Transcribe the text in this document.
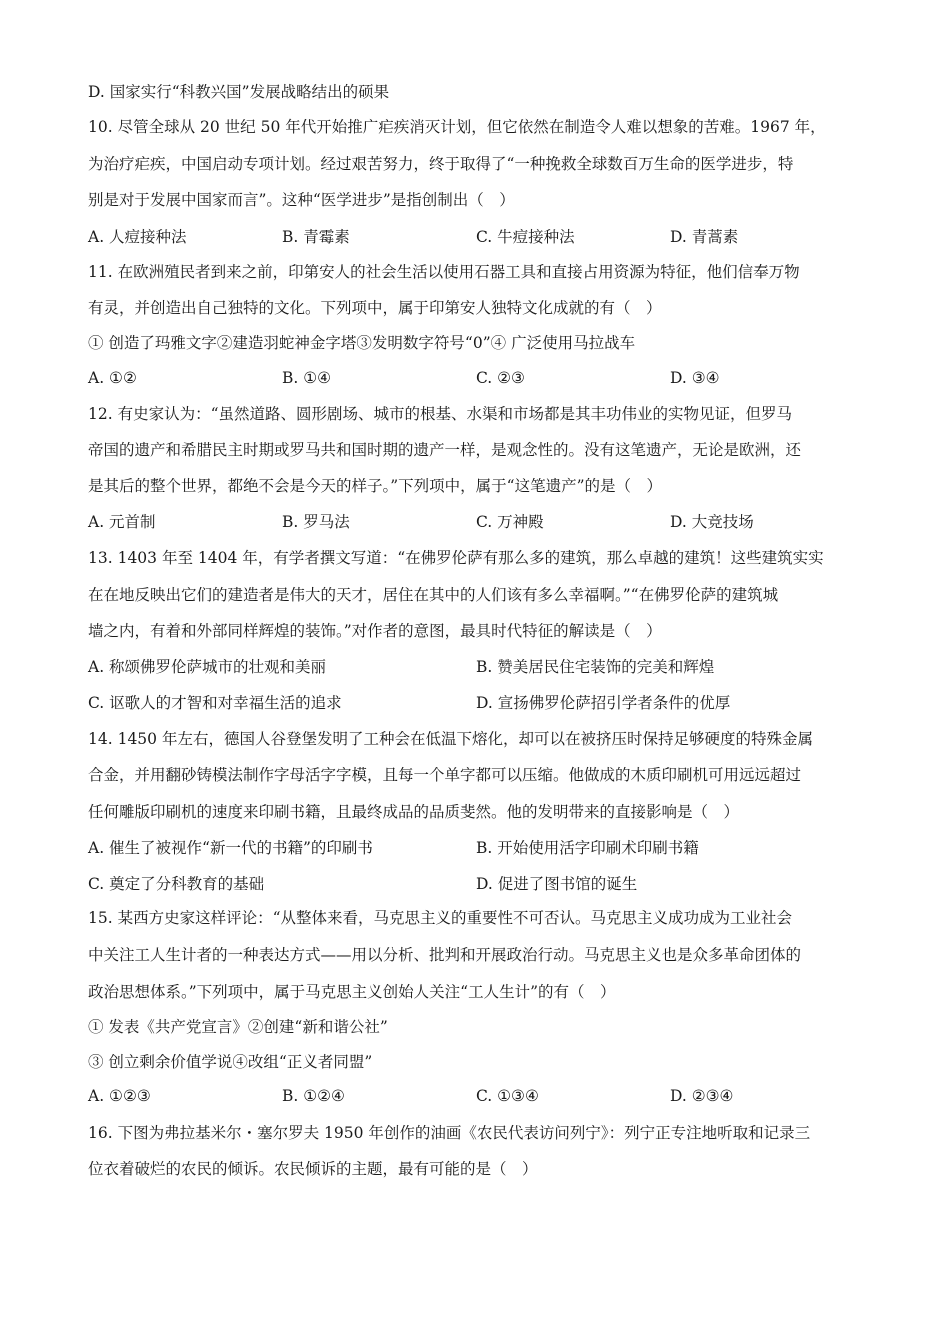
D. 国家实行“科教兴国”发展战略结出的硕果
10. 尽管全球从 20 世纪 50 年代开始推广疟疾消灭计划，但它依然在制造令人难以想象的苦难。1967 年，
为治疗疟疾，中国启动专项计划。经过艰苦努力，终于取得了“一种挽救全球数百万生命的医学进步，特
别是对于发展中国家而言”。这种“医学进步”是指创制出（　）
A. 人痘接种法	B. 青霉素	C. 牛痘接种法	D. 青蒿素
11. 在欧洲殖民者到来之前，印第安人的社会生活以使用石器工具和直接占用资源为特征，他们信奉万物
有灵，并创造出自己独特的文化。下列项中，属于印第安人独特文化成就的有（　）
① 创造了玛雅文字②建造羽蛇神金字塔③发明数字符号“0”④ 广泛使用马拉战车
A. ①②	B. ①④	C. ②③	D. ③④
12. 有史家认为：“虽然道路、圆形剧场、城市的根基、水渠和市场都是其丰功伟业的实物见证，但罗马
帝国的遗产和希腊民主时期或罗马共和国时期的遗产一样，是观念性的。没有这笔遗产，无论是欧洲，还
是其后的整个世界，都绝不会是今天的样子。”下列项中，属于“这笔遗产”的是（　）
A. 元首制	B. 罗马法	C. 万神殿	D. 大竞技场
13. 1403 年至 1404 年，有学者撰文写道：“在佛罗伦萨有那么多的建筑，那么卓越的建筑！这些建筑实实
在在地反映出它们的建造者是伟大的天才，居住在其中的人们该有多么幸福啊。”“在佛罗伦萨的建筑城
墙之内，有着和外部同样辉煌的装饰。”对作者的意图，最具时代特征的解读是（　）
A. 称颂佛罗伦萨城市的壮观和美丽	B. 赞美居民住宅装饰的完美和辉煌
C. 讴歌人的才智和对幸福生活的追求	D. 宣扬佛罗伦萨招引学者条件的优厚
14. 1450 年左右，德国人谷登堡发明了工种会在低温下熔化，却可以在被挤压时保持足够硬度的特殊金属
合金，并用翻砂铸模法制作字母活字字模，且每一个单字都可以压缩。他做成的木质印刷机可用远远超过
任何雕版印刷机的速度来印刷书籍，且最终成品的品质斐然。他的发明带来的直接影响是（　）
A. 催生了被视作“新一代的书籍”的印刷书	B. 开始使用活字印刷术印刷书籍
C. 奠定了分科教育的基础	D. 促进了图书馆的诞生
15. 某西方史家这样评论：“从整体来看，马克思主义的重要性不可否认。马克思主义成功成为工业社会
中关注工人生计者的一种表达方式——用以分析、批判和开展政治行动。马克思主义也是众多革命团体的
政治思想体系。”下列项中，属于马克思主义创始人关注“工人生计”的有（　）
① 发表《共产党宣言》②创建“新和谐公社”
③ 创立剩余价值学说④改组“正义者同盟”
A. ①②③	B. ①②④	C. ①③④	D. ②③④
16. 下图为弗拉基米尔・塞尔罗夫 1950 年创作的油画《农民代表访问列宁》：列宁正专注地听取和记录三
位衣着破烂的农民的倾诉。农民倾诉的主题，最有可能的是（　）
